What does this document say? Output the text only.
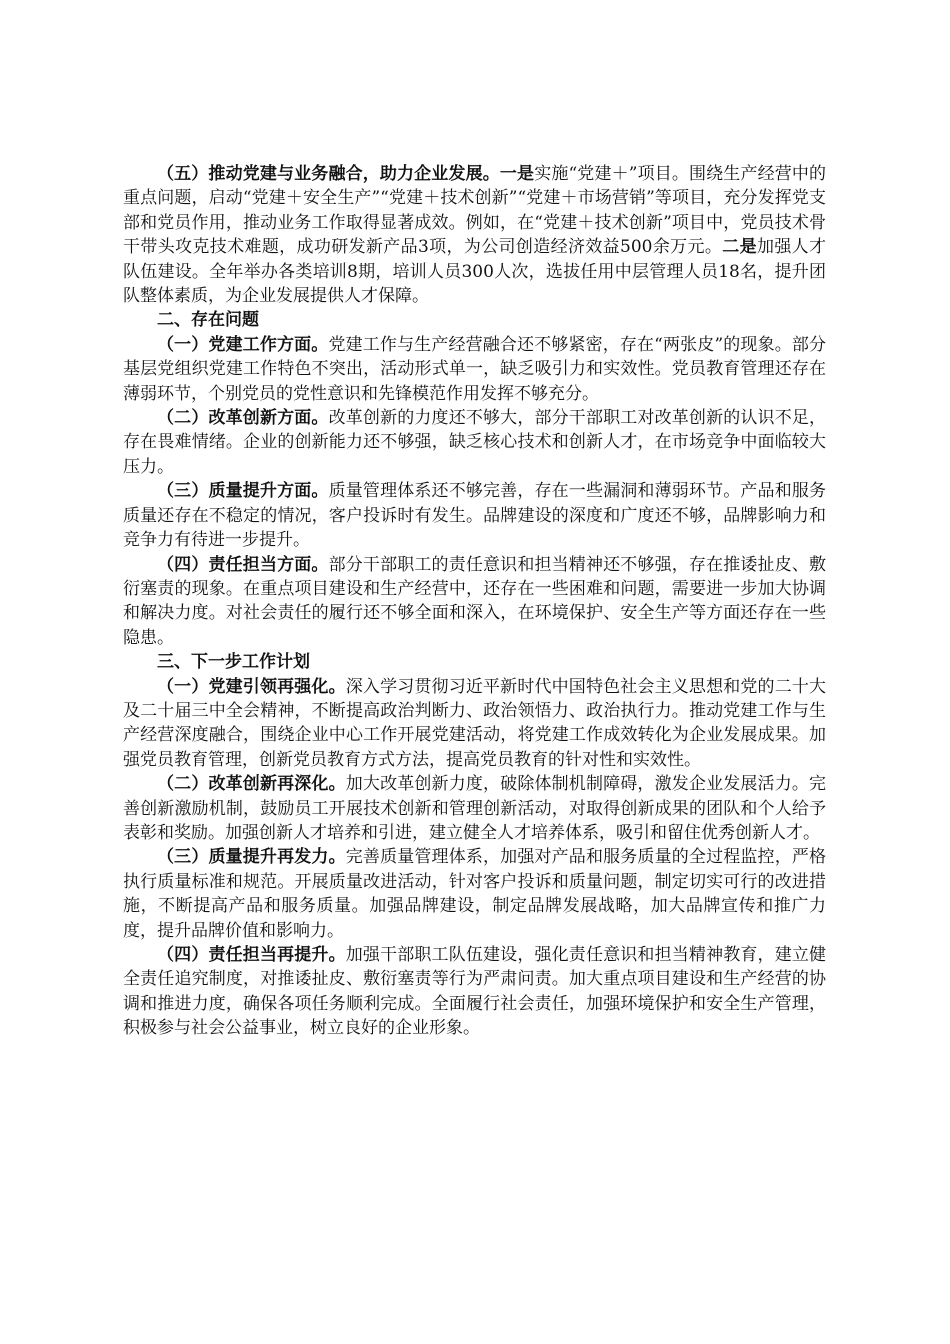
（五）推动党建与业务融合，助力企业发展。一是实施“党建＋”项目。围绕生产经营中的重点问题，启动“党建＋安全生产”“党建＋技术创新”“党建＋市场营销”等项目，充分发挥党支部和党员作用，推动业务工作取得显著成效。例如，在“党建＋技术创新”项目中，党员技术骨干带头攻克技术难题，成功研发新产品3项，为公司创造经济效益500余万元。二是加强人才队伍建设。全年举办各类培训8期，培训人员300人次，选拔任用中层管理人员18名，提升团队整体素质，为企业发展提供人才保障。

二、存在问题

（一）党建工作方面。党建工作与生产经营融合还不够紧密，存在“两张皮”的现象。部分基层党组织党建工作特色不突出，活动形式单一，缺乏吸引力和实效性。党员教育管理还存在薄弱环节，个别党员的党性意识和先锋模范作用发挥不够充分。

（二）改革创新方面。改革创新的力度还不够大，部分干部职工对改革创新的认识不足，存在畏难情绪。企业的创新能力还不够强，缺乏核心技术和创新人才，在市场竞争中面临较大压力。

（三）质量提升方面。质量管理体系还不够完善，存在一些漏洞和薄弱环节。产品和服务质量还存在不稳定的情况，客户投诉时有发生。品牌建设的深度和广度还不够，品牌影响力和竞争力有待进一步提升。

（四）责任担当方面。部分干部职工的责任意识和担当精神还不够强，存在推诿扯皮、敷衍塞责的现象。在重点项目建设和生产经营中，还存在一些困难和问题，需要进一步加大协调和解决力度。对社会责任的履行还不够全面和深入，在环境保护、安全生产等方面还存在一些隐患。

三、下一步工作计划

（一）党建引领再强化。深入学习贯彻习近平新时代中国特色社会主义思想和党的二十大及二十届三中全会精神，不断提高政治判断力、政治领悟力、政治执行力。推动党建工作与生产经营深度融合，围绕企业中心工作开展党建活动，将党建工作成效转化为企业发展成果。加强党员教育管理，创新党员教育方式方法，提高党员教育的针对性和实效性。

（二）改革创新再深化。加大改革创新力度，破除体制机制障碍，激发企业发展活力。完善创新激励机制，鼓励员工开展技术创新和管理创新活动，对取得创新成果的团队和个人给予表彰和奖励。加强创新人才培养和引进，建立健全人才培养体系，吸引和留住优秀创新人才。

（三）质量提升再发力。完善质量管理体系，加强对产品和服务质量的全过程监控，严格执行质量标准和规范。开展质量改进活动，针对客户投诉和质量问题，制定切实可行的改进措施，不断提高产品和服务质量。加强品牌建设，制定品牌发展战略，加大品牌宣传和推广力度，提升品牌价值和影响力。

（四）责任担当再提升。加强干部职工队伍建设，强化责任意识和担当精神教育，建立健全责任追究制度，对推诿扯皮、敷衍塞责等行为严肃问责。加大重点项目建设和生产经营的协调和推进力度，确保各项任务顺利完成。全面履行社会责任，加强环境保护和安全生产管理，积极参与社会公益事业，树立良好的企业形象。
